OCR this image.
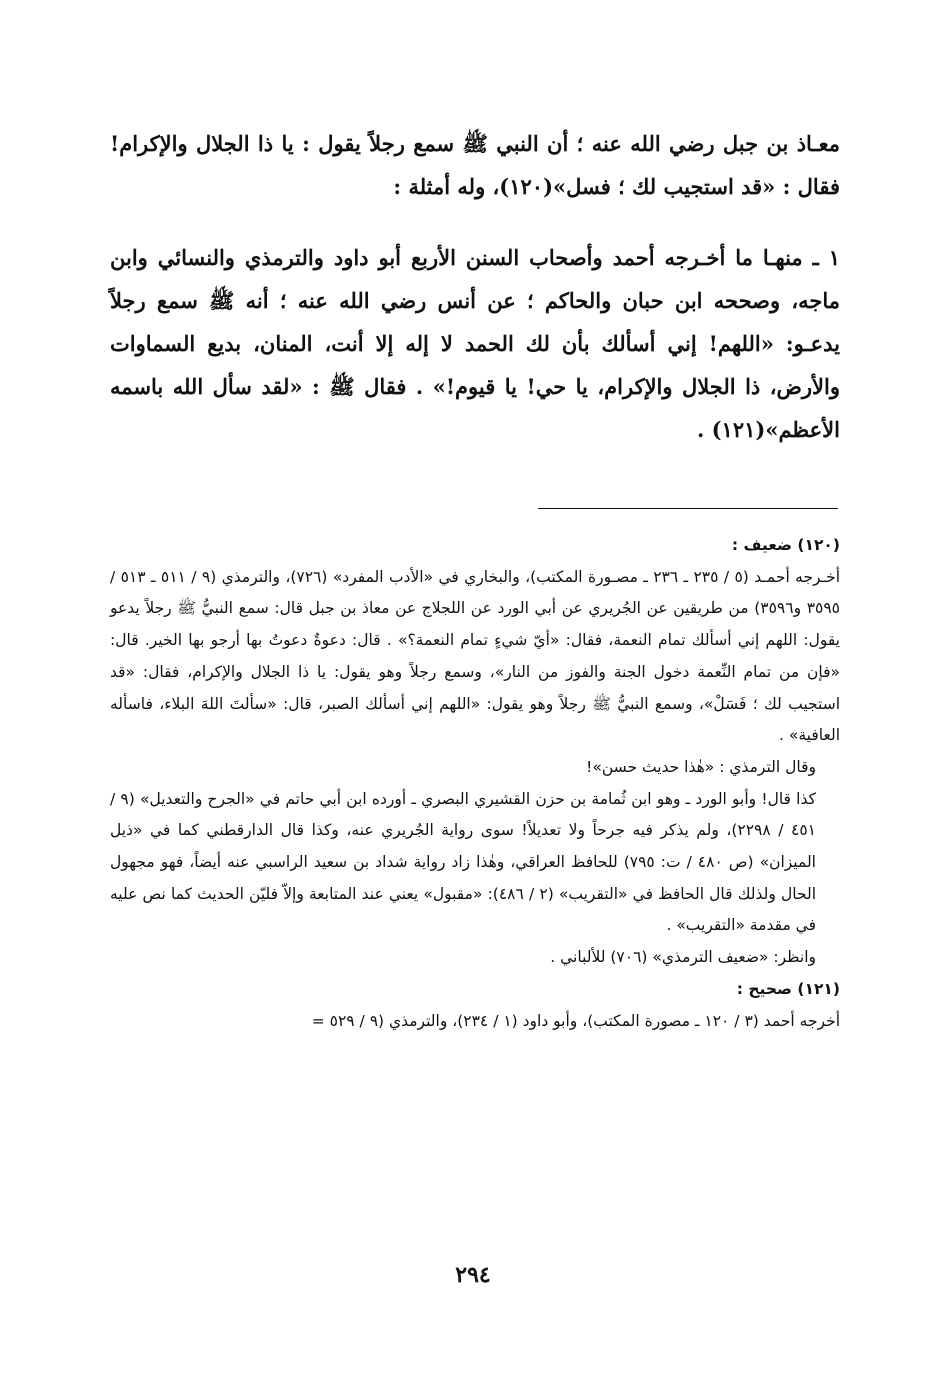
معـاذ بن جبل رضي الله عنه ؛ أن النبي ﷺ سمع رجلاً يقول : يا ذا الجلال والإكرام! فقال : «قد استجيب لك ؛ فسل»(١٢٠)، وله أمثلة :

١ ـ منهـا ما أخـرجه أحمد وأصحاب السنن الأربع أبو داود والترمذي والنسائي وابن ماجه، وصححه ابن حبان والحاكم ؛ عن أنس رضي الله عنه ؛ أنه ﷺ سمع رجلاً يدعـو: «اللهم! إني أسألك بأن لك الحمد لا إله إلا أنت، المنان، بديع السماوات والأرض، ذا الجلال والإكرام، يا حي! يا قيوم!» . فقال ﷺ : «لقد سأل الله باسمه الأعظم»(١٢١) .

(١٢٠) ضعيف :

أخـرجه أحمـد (٥ / ٢٣٥ ـ ٢٣٦ ـ مصـورة المكتب)، والبخاري في «الأدب المفرد» (٧٢٦)، والترمذي (٩ / ٥١١ ـ ٥١٣ / ٣٥٩٥ و٣٥٩٦) من طريقين عن الجُريري عن أبي الورد عن اللجلاج عن معاذ بن جبل قال: سمع النبيُّ ﷺ رجلاً يدعو يقول: اللهم إني أسألك تمام النعمة، فقال: «أيّ شيءٍ تمام النعمة؟» . قال: دعوةٌ دعوتُ بها أرجو بها الخير. قال: «فإن من تمام النِّعمة دخول الجنة والفوز من النار»، وسمع رجلاً وهو يقول: يا ذا الجلال والإكرام، فقال: «قد استجيب لك ؛ فَسَلْ»، وسمع النبيُّ ﷺ رجلاً وهو يقول: «اللهم إني أسألك الصبر، قال: «سألتَ اللهَ البلاء، فاسأله العافية» .

وقال الترمذي : «هٰذا حديث حسن»!

كذا قال! وأبو الورد ـ وهو ابن ثُمامة بن حزن القشيري البصري ـ أورده ابن أبي حاتم في «الجرح والتعديل» (٩ / ٤٥١ / ٢٢٩٨)، ولم يذكر فيه جرحاً ولا تعديلاً! سوى رواية الجُريري عنه، وكذا قال الدارقطني كما في «ذيل الميزان» (ص ٤٨٠ / ت: ٧٩٥) للحافظ العراقي، وهٰذا زاد رواية شداد بن سعيد الراسبي عنه أيضاً، فهو مجهول الحال ولذلك قال الحافظ في «التقريب» (٢ / ٤٨٦): «مقبول» يعني عند المتابعة وإلاّ فليّن الحديث كما نص عليه في مقدمة «التقريب» .

وانظر: «ضعيف الترمذي» (٧٠٦) للألباني .

(١٢١) صحيح :

أخرجه أحمد (٣ / ١٢٠ ـ مصورة المكتب)، وأبو داود (١ / ٢٣٤)، والترمذي (٩ / ٥٢٩ =

٢٩٤
